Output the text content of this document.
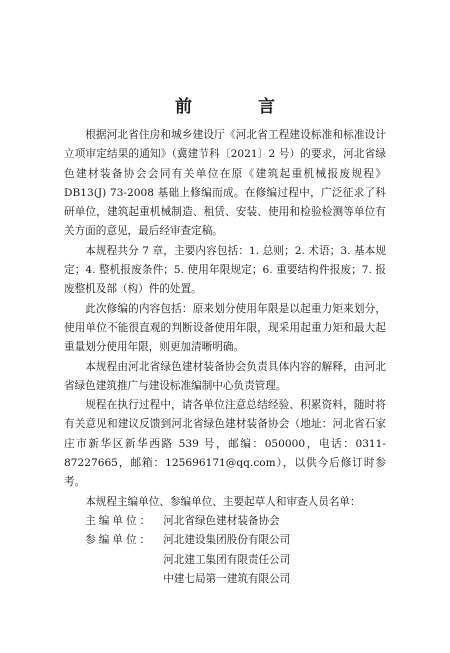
前 言

根据河北省住房和城乡建设厅《河北省工程建设标准和标准设计立项审定结果的通知》（冀建节科〔2021〕2 号）的要求，河北省绿色建材装备协会会同有关单位在原《建筑起重机械报废规程》DB13(J) 73-2008 基础上修编而成。在修编过程中，广泛征求了科研单位，建筑起重机械制造、租赁、安装、使用和检验检测等单位有关方面的意见，最后经审查定稿。

本规程共分 7 章，主要内容包括：1. 总则；2. 术语；3. 基本规定；4. 整机报废条件；5. 使用年限规定；6. 重要结构件报废；7. 报废整机及部（构）件的处置。

此次修编的内容包括：原来划分使用年限是以起重力矩来划分，使用单位不能很直观的判断设备使用年限，现采用起重力矩和最大起重量划分使用年限，则更加清晰明确。

本规程由河北省绿色建材装备协会负责具体内容的解释，由河北省绿色建筑推广与建设标准编制中心负责管理。

规程在执行过程中，请各单位注意总结经验、积累资料，随时将有关意见和建议反馈到河北省绿色建材装备协会（地址：河北省石家庄市新华区新华西路 539 号，邮编：050000，电话：0311-87227665，邮箱：125696171@qq.com），以供今后修订时参考。

本规程主编单位、参编单位、主要起草人和审查人员名单：

主编单位： 河北省绿色建材装备协会
参编单位： 河北建设集团股份有限公司
河北建工集团有限责任公司
中建七局第一建筑有限公司
